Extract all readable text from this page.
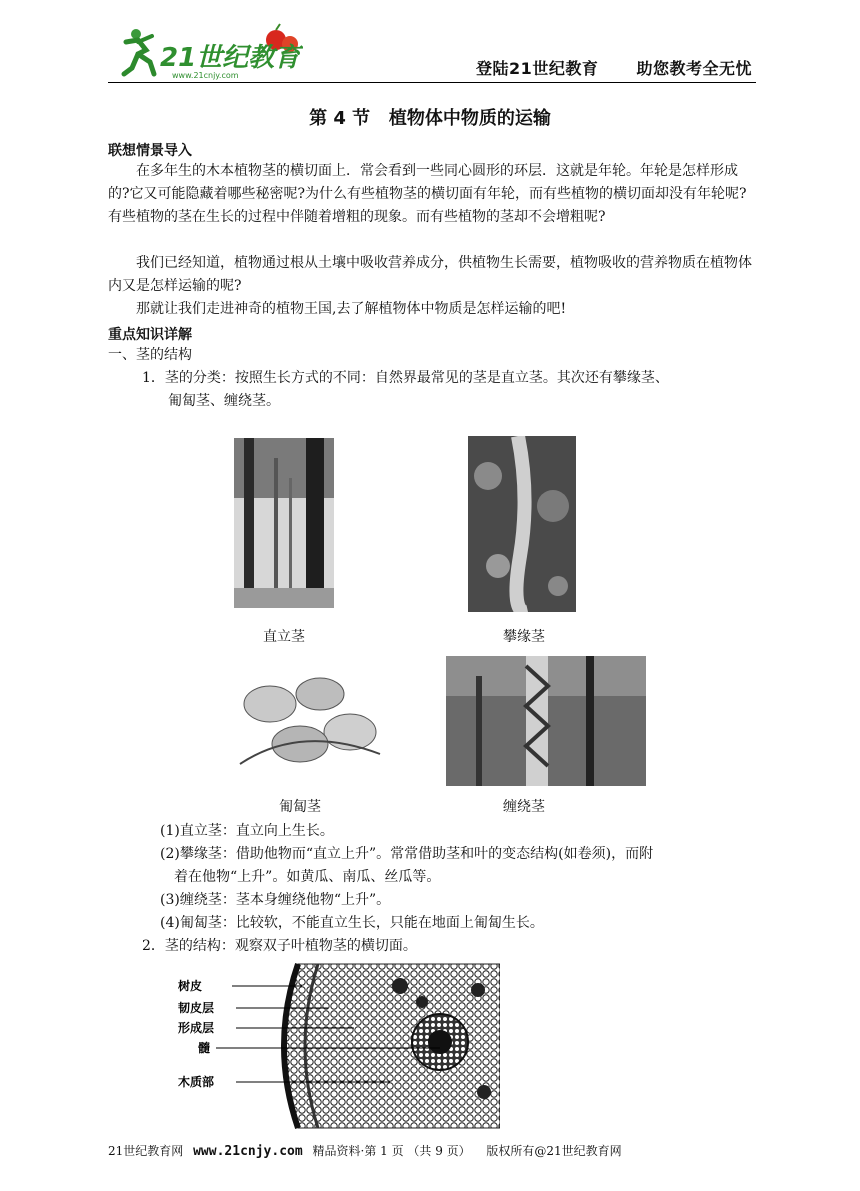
21世纪教育
www.21cnjy.com	登陆21世纪教育 助您教考全无忧
第 4 节   植物体中物质的运输
联想情景导入
在多年生的木本植物茎的横切面上．常会看到一些同心圆形的环层．这就是年轮。年轮是怎样形成的?它又可能隐藏着哪些秘密呢?为什么有些植物茎的横切面有年轮，而有些植物的横切面却没有年轮呢?有些植物的茎在生长的过程中伴随着增粗的现象。而有些植物的茎却不会增粗呢?
我们已经知道，植物通过根从土壤中吸收营养成分，供植物生长需要，植物吸收的营养物质在植物体内又是怎样运输的呢?
那就让我们走进神奇的植物王国,去了解植物体中物质是怎样运输的吧!
重点知识详解
一、茎的结构
1．茎的分类：按照生长方式的不同：自然界最常见的茎是直立茎。其次还有攀缘茎、
匍匐茎、缠绕茎。
直立茎	攀缘茎
匍匐茎	缠绕茎
(1)直立茎：直立向上生长。
(2)攀缘茎：借助他物而“直立上升”。常常借助茎和叶的变态结构(如卷须)，而附
着在他物“上升”。如黄瓜、南瓜、丝瓜等。
(3)缠绕茎：茎本身缠绕他物“上升”。
(4)匍匐茎：比较软，不能直立生长，只能在地面上匍匐生长。
2．茎的结构：观察双子叶植物茎的横切面。
树皮
韧皮层
形成层
髓
木质部
21世纪教育网 www.21cnjy.com 精品资料·第 1 页 （共 9 页） 版权所有@21世纪教育网
